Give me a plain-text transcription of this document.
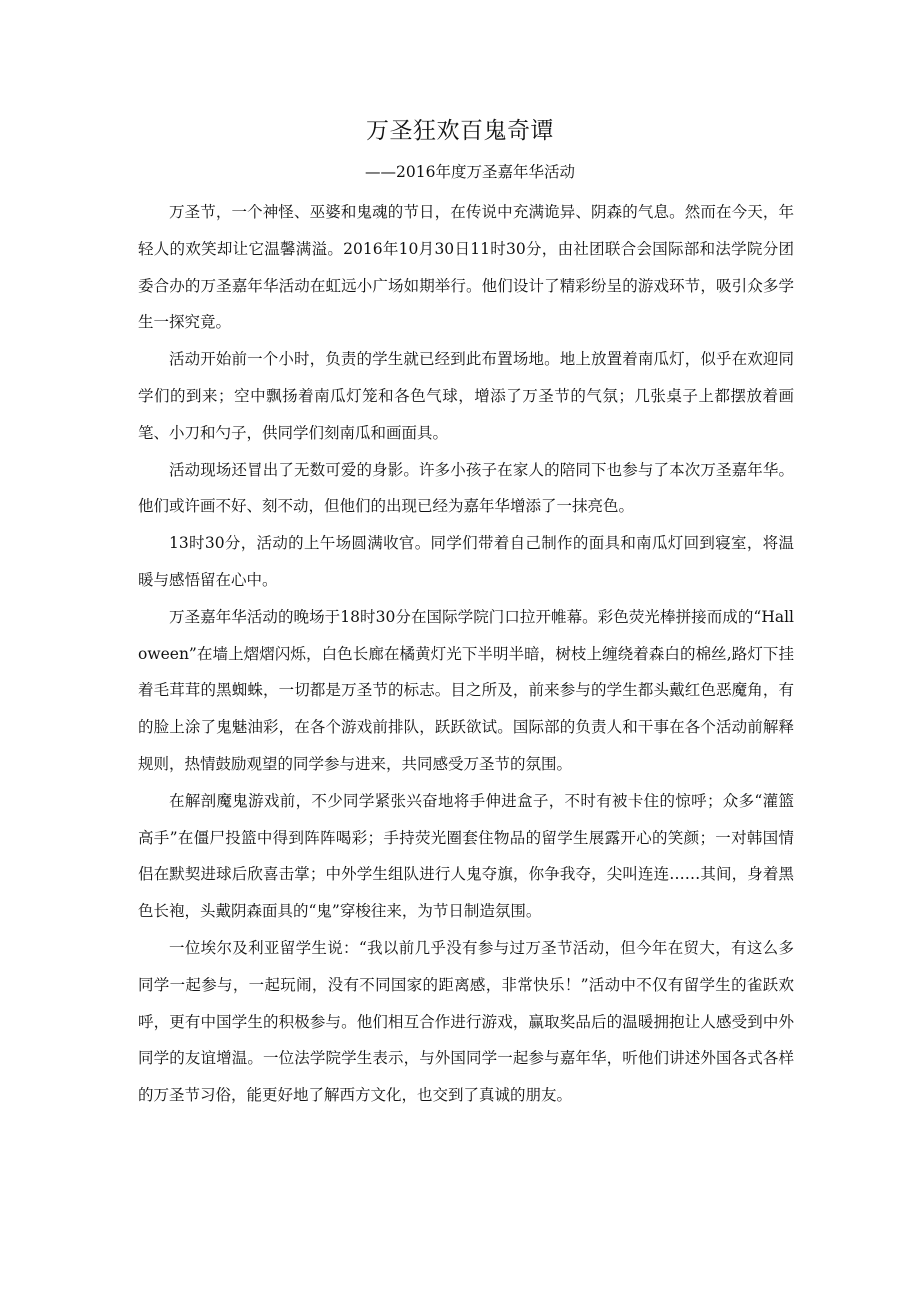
万圣狂欢百鬼奇谭

——2016年度万圣嘉年华活动

万圣节，一个神怪、巫婆和鬼魂的节日，在传说中充满诡异、阴森的气息。然而在今天，年轻人的欢笑却让它温馨满溢。2016年10月30日11时30分，由社团联合会国际部和法学院分团委合办的万圣嘉年华活动在虹远小广场如期举行。他们设计了精彩纷呈的游戏环节，吸引众多学生一探究竟。

活动开始前一个小时，负责的学生就已经到此布置场地。地上放置着南瓜灯，似乎在欢迎同学们的到来；空中飘扬着南瓜灯笼和各色气球，增添了万圣节的气氛；几张桌子上都摆放着画笔、小刀和勺子，供同学们刻南瓜和画面具。

活动现场还冒出了无数可爱的身影。许多小孩子在家人的陪同下也参与了本次万圣嘉年华。他们或许画不好、刻不动，但他们的出现已经为嘉年华增添了一抹亮色。

13时30分，活动的上午场圆满收官。同学们带着自己制作的面具和南瓜灯回到寝室，将温暖与感悟留在心中。

万圣嘉年华活动的晚场于18时30分在国际学院门口拉开帷幕。彩色荧光棒拼接而成的“Halloween”在墙上熠熠闪烁，白色长廊在橘黄灯光下半明半暗，树枝上缠绕着森白的棉丝,路灯下挂着毛茸茸的黑蜘蛛，一切都是万圣节的标志。目之所及，前来参与的学生都头戴红色恶魔角，有的脸上涂了鬼魅油彩，在各个游戏前排队，跃跃欲试。国际部的负责人和干事在各个活动前解释规则，热情鼓励观望的同学参与进来，共同感受万圣节的氛围。

在解剖魔鬼游戏前，不少同学紧张兴奋地将手伸进盒子，不时有被卡住的惊呼；众多“灌篮高手”在僵尸投篮中得到阵阵喝彩；手持荧光圈套住物品的留学生展露开心的笑颜；一对韩国情侣在默契进球后欣喜击掌；中外学生组队进行人鬼夺旗，你争我夺，尖叫连连……其间，身着黑色长袍，头戴阴森面具的“鬼”穿梭往来，为节日制造氛围。

一位埃尔及利亚留学生说：“我以前几乎没有参与过万圣节活动，但今年在贸大，有这么多同学一起参与，一起玩闹，没有不同国家的距离感，非常快乐！”活动中不仅有留学生的雀跃欢呼，更有中国学生的积极参与。他们相互合作进行游戏，赢取奖品后的温暖拥抱让人感受到中外同学的友谊增温。一位法学院学生表示，与外国同学一起参与嘉年华，听他们讲述外国各式各样的万圣节习俗，能更好地了解西方文化，也交到了真诚的朋友。
